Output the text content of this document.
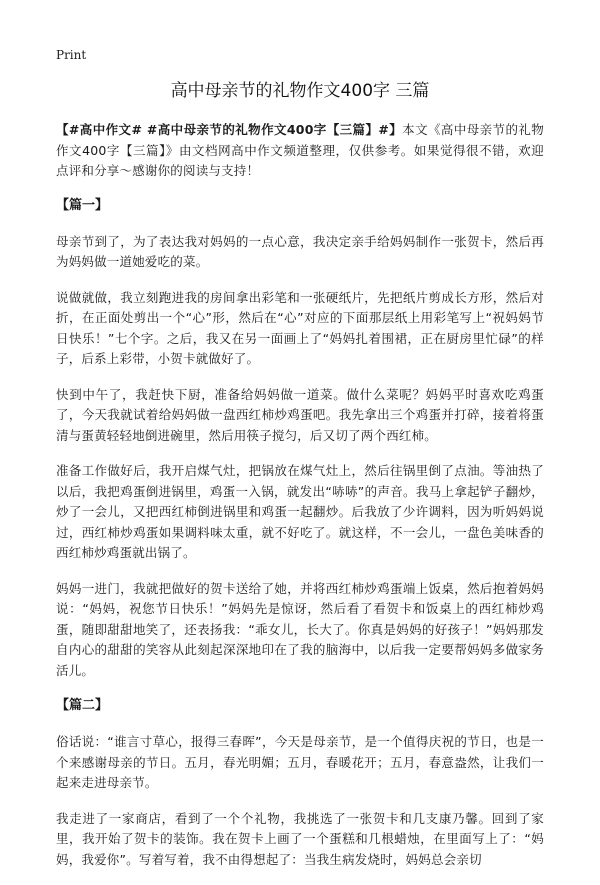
Print
高中母亲节的礼物作文400字 三篇

【#高中作文# #高中母亲节的礼物作文400字【三篇】#】本文《高中母亲节的礼物作文400字【三篇】》由文档网高中作文频道整理，仅供参考。如果觉得很不错，欢迎点评和分享～感谢你的阅读与支持！

【篇一】

母亲节到了，为了表达我对妈妈的一点心意，我决定亲手给妈妈制作一张贺卡，然后再为妈妈做一道她爱吃的菜。

说做就做，我立刻跑进我的房间拿出彩笔和一张硬纸片，先把纸片剪成长方形，然后对折，在正面处剪出一个“心”形，然后在“心”对应的下面那层纸上用彩笔写上“祝妈妈节日快乐！”七个字。之后，我又在另一面画上了“妈妈扎着围裙，正在厨房里忙碌”的样子，后系上彩带，小贺卡就做好了。

快到中午了，我赶快下厨，准备给妈妈做一道菜。做什么菜呢？妈妈平时喜欢吃鸡蛋了，今天我就试着给妈妈做一盘西红柿炒鸡蛋吧。我先拿出三个鸡蛋并打碎，接着将蛋清与蛋黄轻轻地倒进碗里，然后用筷子搅匀，后又切了两个西红柿。

准备工作做好后，我开启煤气灶，把锅放在煤气灶上，然后往锅里倒了点油。等油热了以后，我把鸡蛋倒进锅里，鸡蛋一入锅，就发出“哧哧”的声音。我马上拿起铲子翻炒，炒了一会儿，又把西红柿倒进锅里和鸡蛋一起翻炒。后我放了少许调料，因为听妈妈说过，西红柿炒鸡蛋如果调料味太重，就不好吃了。就这样，不一会儿，一盘色美味香的西红柿炒鸡蛋就出锅了。

妈妈一进门，我就把做好的贺卡送给了她，并将西红柿炒鸡蛋端上饭桌，然后抱着妈妈说：“妈妈，祝您节日快乐！”妈妈先是惊讶，然后看了看贺卡和饭桌上的西红柿炒鸡蛋，随即甜甜地笑了，还表扬我：“乖女儿，长大了。你真是妈妈的好孩子！”妈妈那发自内心的甜甜的笑容从此刻起深深地印在了我的脑海中，以后我一定要帮妈妈多做家务活儿。

【篇二】

俗话说：“谁言寸草心，报得三春晖”，今天是母亲节，是一个值得庆祝的节日，也是一个来感谢母亲的节日。五月，春光明媚；五月，春暖花开；五月，春意盎然，让我们一起来走进母亲节。

我走进了一家商店，看到了一个个礼物，我挑选了一张贺卡和几支康乃馨。回到了家里，我开始了贺卡的装饰。我在贺卡上画了一个蛋糕和几根蜡烛，在里面写上了：“妈妈，我爱你”。写着写着，我不由得想起了：当我生病发烧时，妈妈总会亲切
